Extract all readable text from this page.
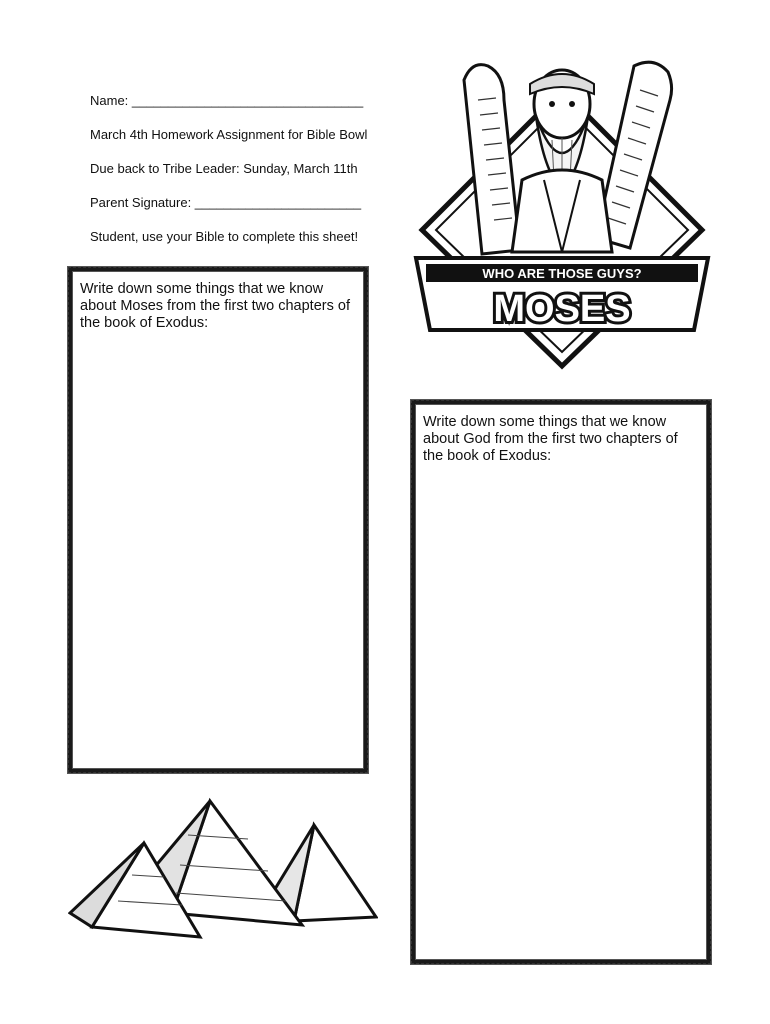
Name: ________________________________
March 4th Homework Assignment for Bible Bowl
Due back to Tribe Leader: Sunday, March 11th
Parent Signature: _______________________
Student, use your Bible to complete this sheet!
Write down some things that we know about Moses from the first two chapters of the book of Exodus:
Write down some things that we know about God from the first two chapters of the book of Exodus:
WHO ARE THOSE GUYS?
MOSES
